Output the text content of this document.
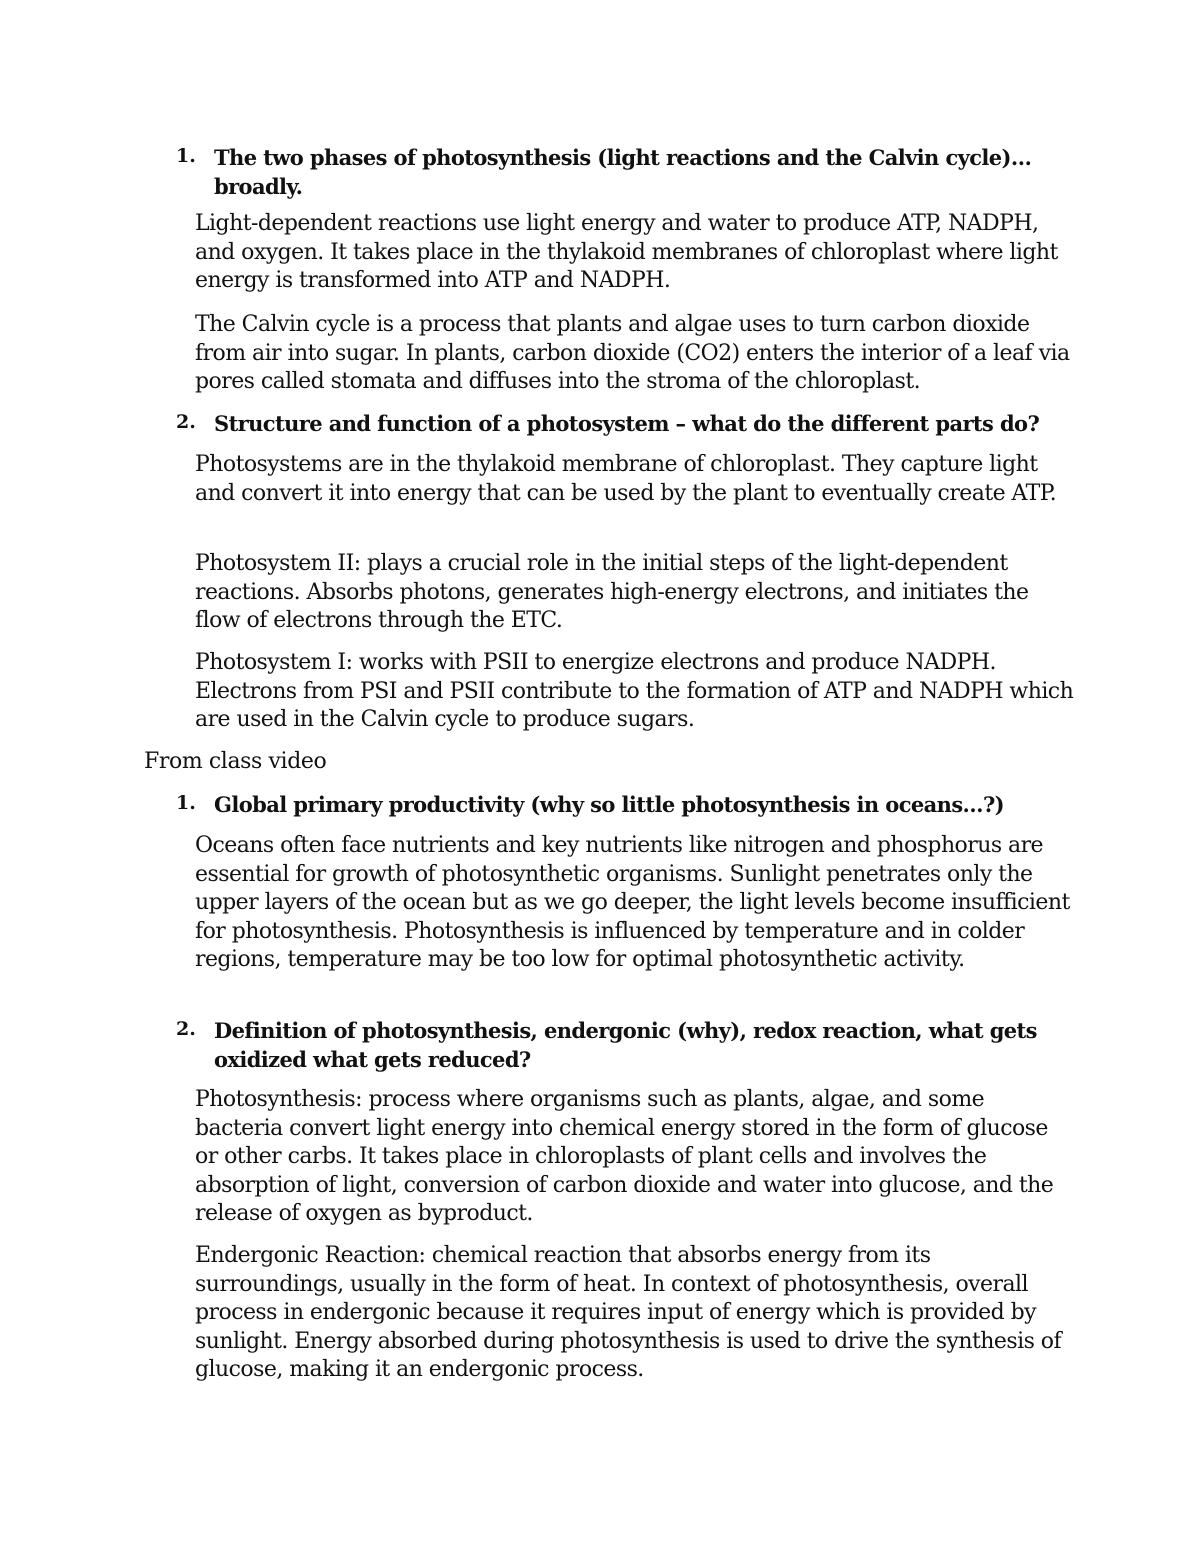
1. The two phases of photosynthesis (light reactions and the Calvin cycle)…broadly.

Light-dependent reactions use light energy and water to produce ATP, NADPH, and oxygen. It takes place in the thylakoid membranes of chloroplast where light energy is transformed into ATP and NADPH.

The Calvin cycle is a process that plants and algae uses to turn carbon dioxide from air into sugar. In plants, carbon dioxide (CO2) enters the interior of a leaf via pores called stomata and diffuses into the stroma of the chloroplast.

2. Structure and function of a photosystem – what do the different parts do?

Photosystems are in the thylakoid membrane of chloroplast. They capture light and convert it into energy that can be used by the plant to eventually create ATP.

Photosystem II: plays a crucial role in the initial steps of the light-dependent reactions. Absorbs photons, generates high-energy electrons, and initiates the flow of electrons through the ETC.

Photosystem I: works with PSII to energize electrons and produce NADPH. Electrons from PSI and PSII contribute to the formation of ATP and NADPH which are used in the Calvin cycle to produce sugars.

From class video
1. Global primary productivity (why so little photosynthesis in oceans…?)

Oceans often face nutrients and key nutrients like nitrogen and phosphorus are essential for growth of photosynthetic organisms. Sunlight penetrates only the upper layers of the ocean but as we go deeper, the light levels become insufficient for photosynthesis. Photosynthesis is influenced by temperature and in colder regions, temperature may be too low for optimal photosynthetic activity.

2. Definition of photosynthesis, endergonic (why), redox reaction, what gets oxidized what gets reduced?

Photosynthesis: process where organisms such as plants, algae, and some bacteria convert light energy into chemical energy stored in the form of glucose or other carbs. It takes place in chloroplasts of plant cells and involves the absorption of light, conversion of carbon dioxide and water into glucose, and the release of oxygen as byproduct.

Endergonic Reaction: chemical reaction that absorbs energy from its surroundings, usually in the form of heat. In context of photosynthesis, overall process in endergonic because it requires input of energy which is provided by sunlight. Energy absorbed during photosynthesis is used to drive the synthesis of glucose, making it an endergonic process.
